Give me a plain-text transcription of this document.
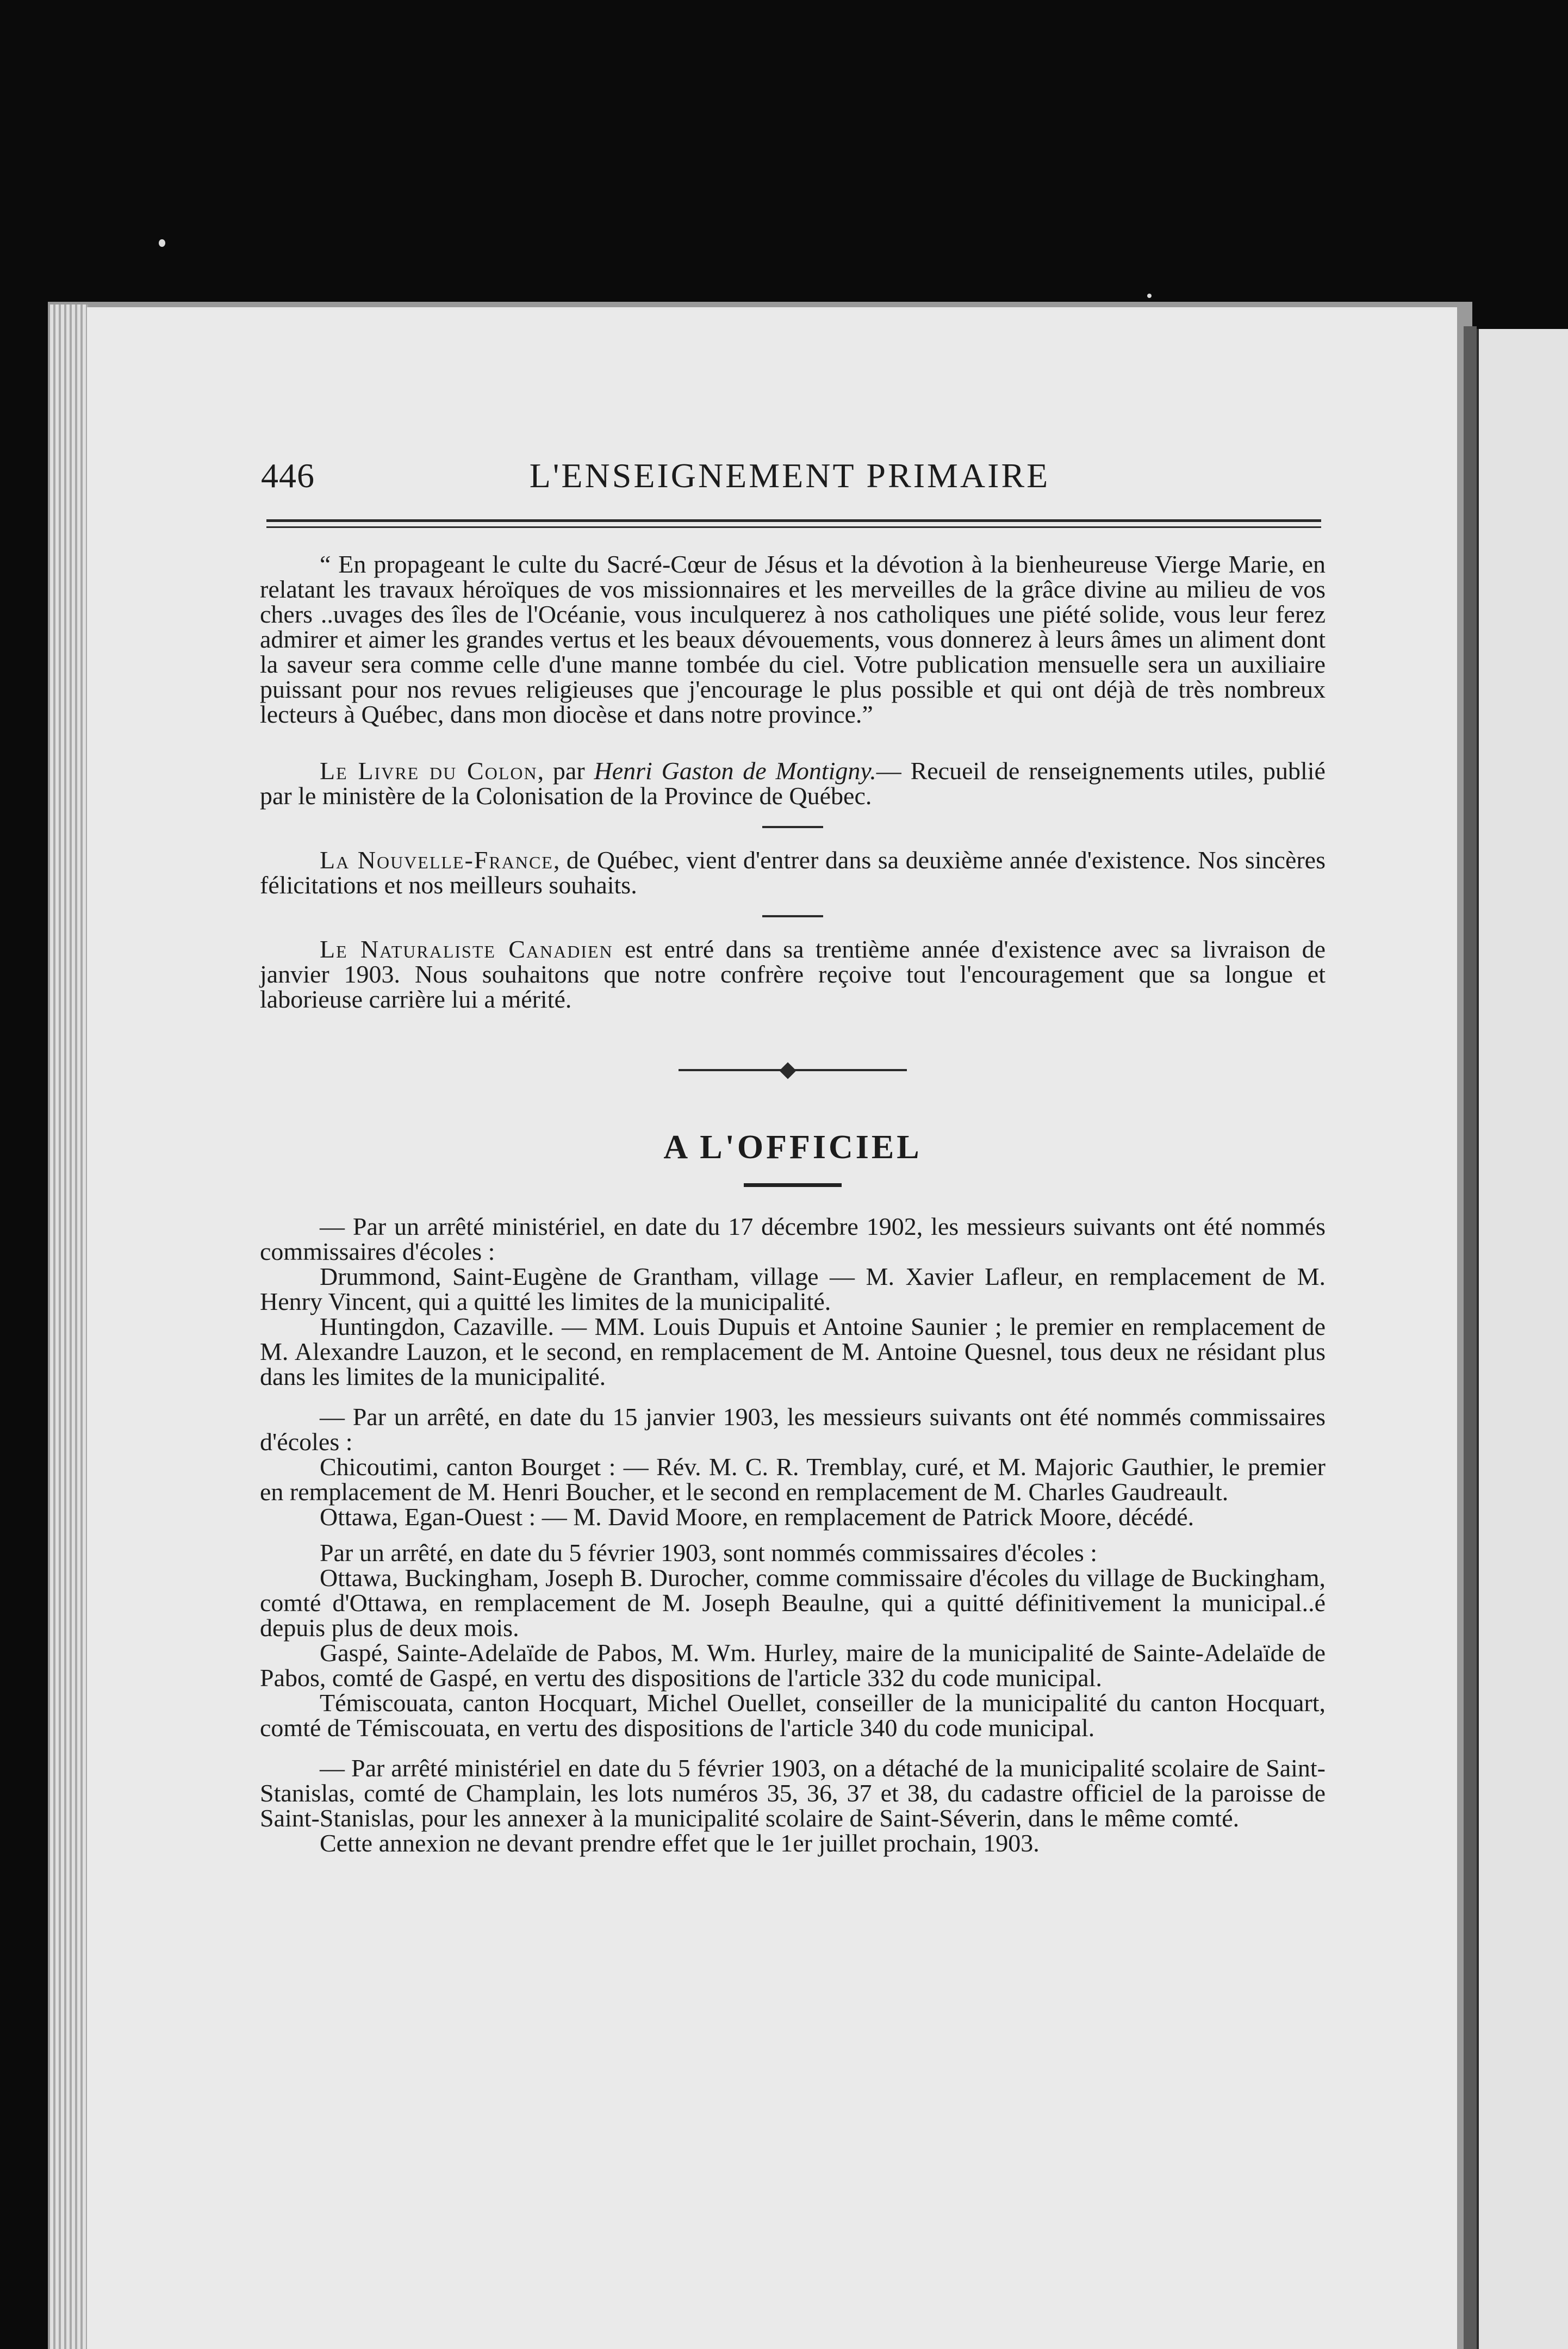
446	L'ENSEIGNEMENT PRIMAIRE

“ En propageant le culte du Sacré-Cœur de Jésus et la dévotion à la bienheureuse Vierge Marie, en relatant les travaux héroïques de vos missionnaires et les merveilles de la grâce divine au milieu de vos chers ..uvages des îles de l'Océanie, vous inculquerez à nos catholiques une piété solide, vous leur ferez admirer et aimer les grandes vertus et les beaux dévouements, vous donnerez à leurs âmes un aliment dont la saveur sera comme celle d'une manne tombée du ciel. Votre publication mensuelle sera un auxiliaire puissant pour nos revues religieuses que j'encourage le plus possible et qui ont déjà de très nombreux lecteurs à Québec, dans mon diocèse et dans notre province.”

Le Livre du Colon, par Henri Gaston de Montigny.— Recueil de renseignements utiles, publié par le ministère de la Colonisation de la Province de Québec.

La Nouvelle-France, de Québec, vient d'entrer dans sa deuxième année d'existence. Nos sincères félicitations et nos meilleurs souhaits.

Le Naturaliste Canadien est entré dans sa trentième année d'existence avec sa livraison de janvier 1903. Nous souhaitons que notre confrère reçoive tout l'encouragement que sa longue et laborieuse carrière lui a mérité.

A L'OFFICIEL

— Par un arrêté ministériel, en date du 17 décembre 1902, les messieurs suivants ont été nommés commissaires d'écoles :

Drummond, Saint-Eugène de Grantham, village — M. Xavier Lafleur, en remplacement de M. Henry Vincent, qui a quitté les limites de la municipalité.

Huntingdon, Cazaville. — MM. Louis Dupuis et Antoine Saunier ; le premier en remplacement de M. Alexandre Lauzon, et le second, en remplacement de M. Antoine Quesnel, tous deux ne résidant plus dans les limites de la municipalité.

— Par un arrêté, en date du 15 janvier 1903, les messieurs suivants ont été nommés commissaires d'écoles :

Chicoutimi, canton Bourget : — Rév. M. C. R. Tremblay, curé, et M. Majoric Gauthier, le premier en remplacement de M. Henri Boucher, et le second en remplacement de M. Charles Gaudreault.

Ottawa, Egan-Ouest : — M. David Moore, en remplacement de Patrick Moore, décédé.

Par un arrêté, en date du 5 février 1903, sont nommés commissaires d'écoles :

Ottawa, Buckingham, Joseph B. Durocher, comme commissaire d'écoles du village de Buckingham, comté d'Ottawa, en remplacement de M. Joseph Beaulne, qui a quitté définitivement la municipal..é depuis plus de deux mois.

Gaspé, Sainte-Adelaïde de Pabos, M. Wm. Hurley, maire de la municipalité de Sainte-Adelaïde de Pabos, comté de Gaspé, en vertu des dispositions de l'article 332 du code municipal.

Témiscouata, canton Hocquart, Michel Ouellet, conseiller de la municipalité du canton Hocquart, comté de Témiscouata, en vertu des dispositions de l'article 340 du code municipal.

— Par arrêté ministériel en date du 5 février 1903, on a détaché de la municipalité scolaire de Saint-Stanislas, comté de Champlain, les lots numéros 35, 36, 37 et 38, du cadastre officiel de la paroisse de Saint-Stanislas, pour les annexer à la municipalité scolaire de Saint-Séverin, dans le même comté.

Cette annexion ne devant prendre effet que le 1er juillet prochain, 1903.
